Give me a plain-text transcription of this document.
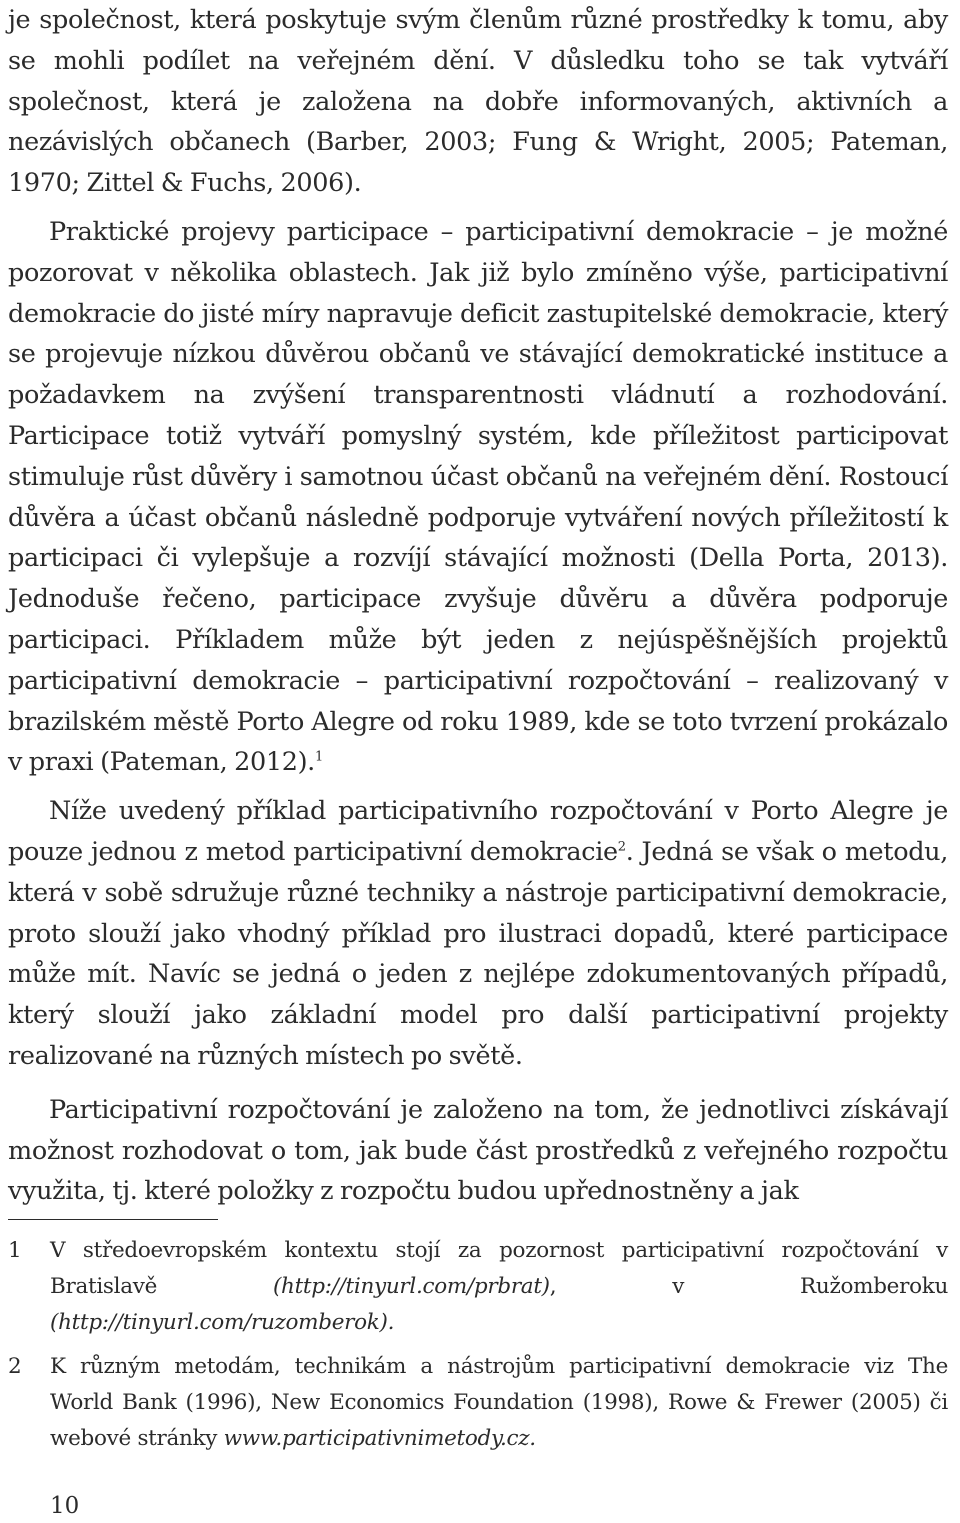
je společnost, která poskytuje svým členům různé prostředky k tomu, aby se mohli podílet na veřejném dění. V důsledku toho se tak vytváří společnost, která je založena na dobře informovaných, aktivních a nezávislých občanech (Barber, 2003; Fung & Wright, 2005; Pateman, 1970; Zittel & Fuchs, 2006).

Praktické projevy participace – participativní demokracie – je možné pozorovat v několika oblastech. Jak již bylo zmíněno výše, participativní demokracie do jisté míry napravuje deficit zastupitelské demokracie, který se projevuje nízkou důvěrou občanů ve stávající demokratické instituce a požadavkem na zvýšení transparentnosti vládnutí a rozhodování. Participace totiž vytváří pomyslný systém, kde příležitost participovat stimuluje růst důvěry i samotnou účast občanů na veřejném dění. Rostoucí důvěra a účast občanů následně podporuje vytváření nových příležitostí k participaci či vylepšuje a rozvíjí stávající možnosti (Della Porta, 2013). Jednoduše řečeno, participace zvyšuje důvěru a důvěra podporuje participaci. Příkladem může být jeden z nejúspěšnějších projektů participativní demokracie – participativní rozpočtování – realizovaný v brazilském městě Porto Alegre od roku 1989, kde se toto tvrzení prokázalo v praxi (Pateman, 2012).$^1$

Níže uvedený příklad participativního rozpočtování v Porto Alegre je pouze jednou z metod participativní demokracie$^2$. Jedná se však o metodu, která v sobě sdružuje různé techniky a nástroje participativní demokracie, proto slouží jako vhodný příklad pro ilustraci dopadů, které participace může mít. Navíc se jedná o jeden z nejlépe zdokumentovaných případů, který slouží jako základní model pro další participativní projekty realizované na různých místech po světě.

Participativní rozpočtování je založeno na tom, že jednotlivci získávají možnost rozhodovat o tom, jak bude část prostředků z veřejného rozpočtu využita, tj. které položky z rozpočtu budou upřednostněny a jak

1	V středoevropském kontextu stojí za pozornost participativní rozpočtování v Bratislavě (http://tinyurl.com/prbrat), v Ružomberoku (http://tinyurl.com/ruzomberok).
2	K různým metodám, technikám a nástrojům participativní demokracie viz The World Bank (1996), New Economics Foundation (1998), Rowe & Frewer (2005) či webové stránky www.participativnimetody.cz.
10
